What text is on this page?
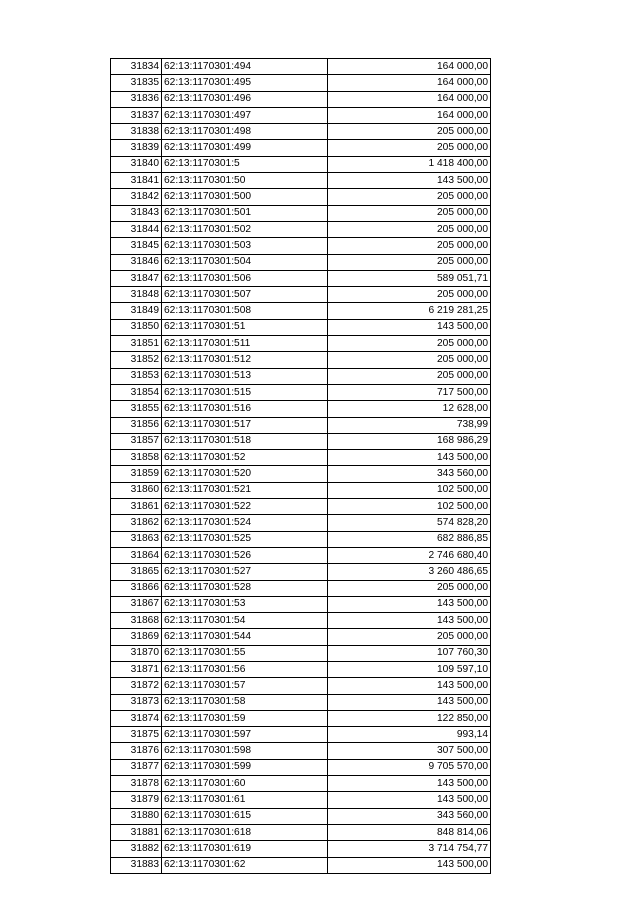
31834	62:13:1170301:494	164 000,00
31835	62:13:1170301:495	164 000,00
31836	62:13:1170301:496	164 000,00
31837	62:13:1170301:497	164 000,00
31838	62:13:1170301:498	205 000,00
31839	62:13:1170301:499	205 000,00
31840	62:13:1170301:5	1 418 400,00
31841	62:13:1170301:50	143 500,00
31842	62:13:1170301:500	205 000,00
31843	62:13:1170301:501	205 000,00
31844	62:13:1170301:502	205 000,00
31845	62:13:1170301:503	205 000,00
31846	62:13:1170301:504	205 000,00
31847	62:13:1170301:506	589 051,71
31848	62:13:1170301:507	205 000,00
31849	62:13:1170301:508	6 219 281,25
31850	62:13:1170301:51	143 500,00
31851	62:13:1170301:511	205 000,00
31852	62:13:1170301:512	205 000,00
31853	62:13:1170301:513	205 000,00
31854	62:13:1170301:515	717 500,00
31855	62:13:1170301:516	12 628,00
31856	62:13:1170301:517	738,99
31857	62:13:1170301:518	168 986,29
31858	62:13:1170301:52	143 500,00
31859	62:13:1170301:520	343 560,00
31860	62:13:1170301:521	102 500,00
31861	62:13:1170301:522	102 500,00
31862	62:13:1170301:524	574 828,20
31863	62:13:1170301:525	682 886,85
31864	62:13:1170301:526	2 746 680,40
31865	62:13:1170301:527	3 260 486,65
31866	62:13:1170301:528	205 000,00
31867	62:13:1170301:53	143 500,00
31868	62:13:1170301:54	143 500,00
31869	62:13:1170301:544	205 000,00
31870	62:13:1170301:55	107 760,30
31871	62:13:1170301:56	109 597,10
31872	62:13:1170301:57	143 500,00
31873	62:13:1170301:58	143 500,00
31874	62:13:1170301:59	122 850,00
31875	62:13:1170301:597	993,14
31876	62:13:1170301:598	307 500,00
31877	62:13:1170301:599	9 705 570,00
31878	62:13:1170301:60	143 500,00
31879	62:13:1170301:61	143 500,00
31880	62:13:1170301:615	343 560,00
31881	62:13:1170301:618	848 814,06
31882	62:13:1170301:619	3 714 754,77
31883	62:13:1170301:62	143 500,00
